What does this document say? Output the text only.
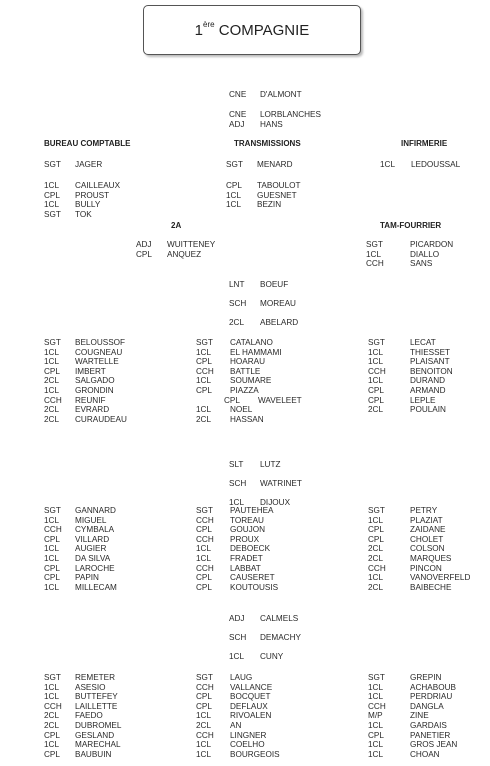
1ère
COMPAGNIE
CNE	D'ALMONT
CNE	LORBLANCHES
ADJ	HANS
BUREAU COMPTABLE	TRANSMISSIONS	INFIRMERIE
SGT	JAGER
1CL	CAILLEAUX
CPL	PROUST
1CL	BULLY
SGT	TOK
SGT	MENARD
CPL	TABOULOT
1CL	GUESNET
1CL	BEZIN
1CL	LEDOUSSAL
2A	TAM-FOURRIER
ADJ	WUITTENEY
CPL	ANQUEZ
SGT	PICARDON
1CL	DIALLO
CCH	SANS
LNT	BOEUF
SCH	MOREAU
2CL	ABELARD
SLT	LUTZ
SCH	WATRINET
1CL	DIJOUX
ADJ	CALMELS
SCH	DEMACHY
1CL	CUNY
SGT	BELOUSSOF
1CL	COUGNEAU
1CL	WARTELLE
CPL	IMBERT
2CL	SALGADO
1CL	GRONDIN
CCH	REUNIF
2CL	EVRARD
2CL	CURAUDEAU
SGT	CATALANO
1CL	EL HAMMAMI
CPL	HOARAU
CCH	BATTLE
1CL	SOUMARE
CPL	PIAZZA
CPL	WAVELEET
1CL	NOEL
2CL	HASSAN
SGT	LECAT
1CL	THIESSET
1CL	PLAISANT
CCH	BENOITON
1CL	DURAND
CPL	ARMAND
CPL	LEPLE
2CL	POULAIN
SGT	GANNARD
1CL	MIGUEL
CCH	CYMBALA
CPL	VILLARD
1CL	AUGIER
1CL	DA SILVA
CPL	LAROCHE
CPL	PAPIN
1CL	MILLECAM
SGT	PAUTEHEA
CCH	TOREAU
CPL	GOUJON
CCH	PROUX
1CL	DEBOECK
1CL	FRADET
CCH	LABBAT
CPL	CAUSERET
CPL	KOUTOUSIS
SGT	PETRY
1CL	PLAZIAT
CPL	ZAIDANE
CPL	CHOLET
2CL	COLSON
2CL	MARQUES
CCH	PINCON
1CL	VANOVERFELD
2CL	BAIBECHE
SGT	REMETER
1CL	ASESIO
1CL	BUTTEFEY
CCH	LAILLETTE
2CL	FAEDO
2CL	DUBROMEL
CPL	GESLAND
1CL	MARECHAL
CPL	BAUBUIN
SGT	LAUG
CCH	VALLANCE
CPL	BOCQUET
CPL	DEFLAUX
1CL	RIVOALEN
2CL	AN
CCH	LINGNER
1CL	COELHO
1CL	BOURGEOIS
SGT	GREPIN
1CL	ACHABOUB
1CL	PERDRIAU
CCH	DANGLA
M/P	ZINE
1CL	GARDAIS
CPL	PANETIER
1CL	GROS JEAN
1CL	CHOAN
